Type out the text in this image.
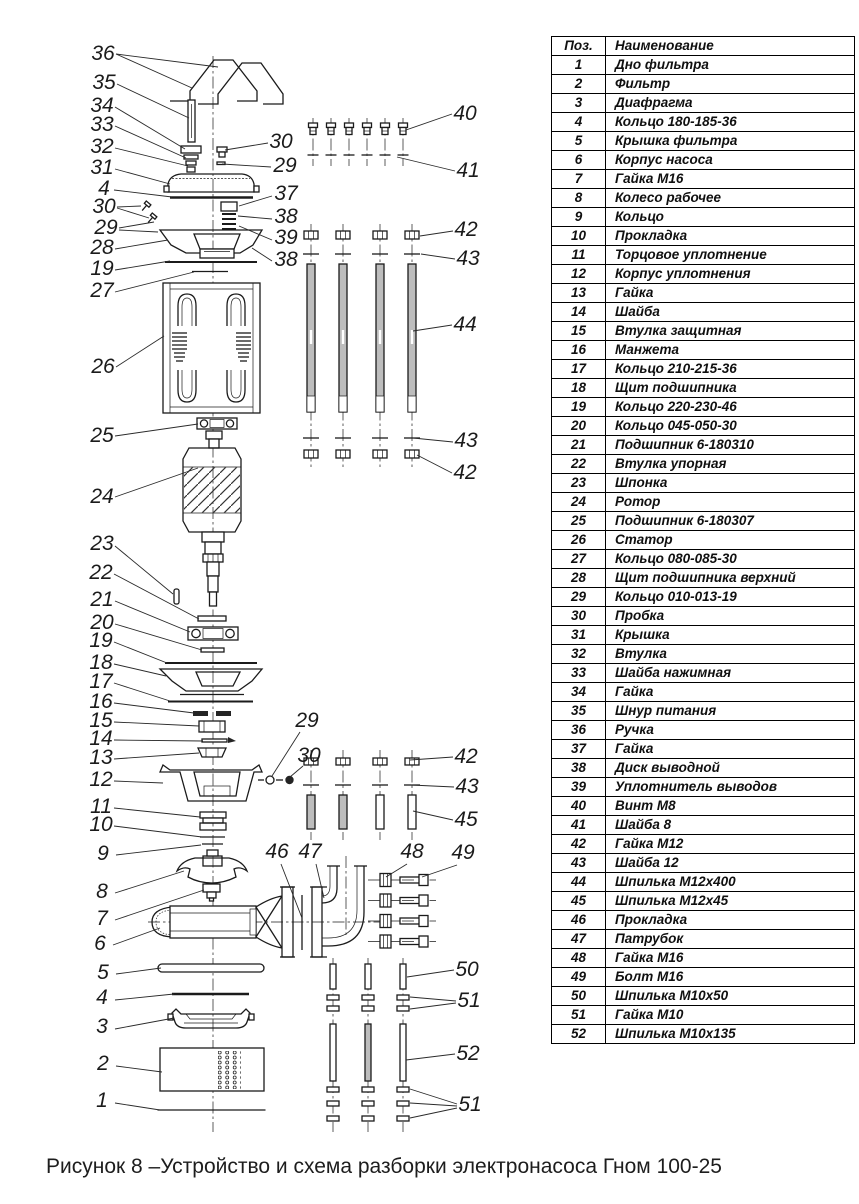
36
35
34
33
32
31
4
30
29
28
19
27
26
25
24
23
22
21
20
19
18
17
16
15
14
13
12
11
10
9
8
7
6
5
4
3
2
1
30
29
37
38
39
38
40
41
42
43
44
43
42
29
30	42
43
45
46 47	48 49
50
51
52
51
Поз.	Наименование
1	Дно фильтра
2	Фильтр
3	Диафрагма
4	Кольцо 180-185-36
5	Крышка фильтра
6	Корпус насоса
7	Гайка М16
8	Колесо рабочее
9	Кольцо
10	Прокладка
11	Торцовое уплотнение
12	Корпус уплотнения
13	Гайка
14	Шайба
15	Втулка защитная
16	Манжета
17	Кольцо 210-215-36
18	Щит подшипника
19	Кольцо 220-230-46
20	Кольцо 045-050-30
21	Подшипник 6-180310
22	Втулка упорная
23	Шпонка
24	Ротор
25	Подшипник 6-180307
26	Статор
27	Кольцо 080-085-30
28	Щит подшипника верхний
29	Кольцо 010-013-19
30	Пробка
31	Крышка
32	Втулка
33	Шайба нажимная
34	Гайка
35	Шнур питания
36	Ручка
37	Гайка
38	Диск выводной
39	Уплотнитель выводов
40	Винт М8
41	Шайба 8
42	Гайка М12
43	Шайба 12
44	Шпилька М12х400
45	Шпилька М12х45
46	Прокладка
47	Патрубок
48	Гайка М16
49	Болт М16
50	Шпилька М10х50
51	Гайка М10
52	Шпилька М10х135
Рисунок 8 –Устройство и схема разборки электронасоса Гном 100-25
